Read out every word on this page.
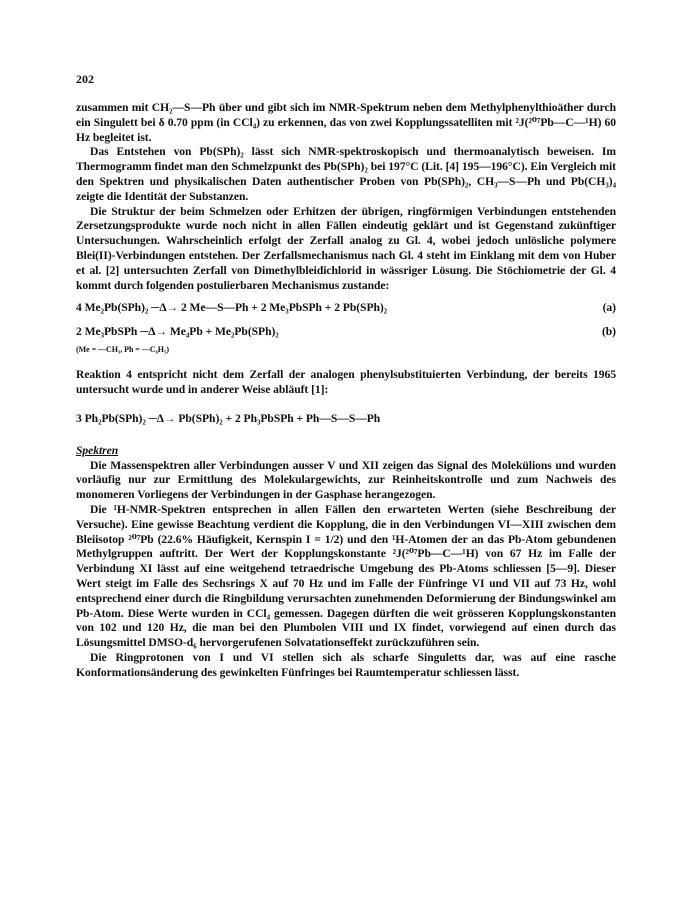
202

zusammen mit CH₂—S—Ph über und gibt sich im NMR-Spektrum neben dem Methylphenylthioäther durch ein Singulett bei δ 0.70 ppm (in CCl₄) zu erkennen, das von zwei Kopplungssatelliten mit ²J(²⁰⁷Pb—C—¹H) 60 Hz begleitet ist.

Das Entstehen von Pb(SPh)₂ lässt sich NMR-spektroskopisch und thermoanalytisch beweisen. Im Thermogramm findet man den Schmelzpunkt des Pb(SPh)₂ bei 197°C (Lit. [4] 195—196°C). Ein Vergleich mit den Spektren und physikalischen Daten authentischer Proben von Pb(SPh)₂, CH₃—S—Ph und Pb(CH₃)₄ zeigte die Identität der Substanzen.

Die Struktur der beim Schmelzen oder Erhitzen der übrigen, ringförmigen Verbindungen entstehenden Zersetzungsprodukte wurde noch nicht in allen Fällen eindeutig geklärt und ist Gegenstand zukünftiger Untersuchungen. Wahrscheinlich erfolgt der Zerfall analog zu Gl. 4, wobei jedoch unlösliche polymere Blei(II)-Verbindungen entstehen. Der Zerfallsmechanismus nach Gl. 4 steht im Einklang mit dem von Huber et al. [2] untersuchten Zerfall von Dimethylbleidichlorid in wässriger Lösung. Die Stöchiometrie der Gl. 4 kommt durch folgenden postulierbaren Mechanismus zustande:

4 Me₂Pb(SPh)₂ ─Δ→ 2 Me—S—Ph + 2 Me₃PbSPh + 2 Pb(SPh)₂	(a)
2 Me₃PbSPh ─Δ→ Me₄Pb + Me₂Pb(SPh)₂	(b)
(Me = —CH₃, Ph = —C₆H₅)

Reaktion 4 entspricht nicht dem Zerfall der analogen phenylsubstituierten Verbindung, der bereits 1965 untersucht wurde und in anderer Weise abläuft [1]:

3 Ph₂Pb(SPh)₂ ─Δ→ Pb(SPh)₂ + 2 Ph₃PbSPh + Ph—S—S—Ph
Spektren

Die Massenspektren aller Verbindungen ausser V und XII zeigen das Signal des Molekülions und wurden vorläufig nur zur Ermittlung des Molekulargewichts, zur Reinheitskontrolle und zum Nachweis des monomeren Vorliegens der Verbindungen in der Gasphase herangezogen.

Die ¹H-NMR-Spektren entsprechen in allen Fällen den erwarteten Werten (siehe Beschreibung der Versuche). Eine gewisse Beachtung verdient die Kopplung, die in den Verbindungen VI—XIII zwischen dem Bleiisotop ²⁰⁷Pb (22.6% Häufigkeit, Kernspin I = 1/2) und den ¹H-Atomen der an das Pb-Atom gebundenen Methylgruppen auftritt. Der Wert der Kopplungskonstante ²J(²⁰⁷Pb—C—¹H) von 67 Hz im Falle der Verbindung XI lässt auf eine weitgehend tetraedrische Umgebung des Pb-Atoms schliessen [5—9]. Dieser Wert steigt im Falle des Sechsrings X auf 70 Hz und im Falle der Fünfringe VI und VII auf 73 Hz, wohl entsprechend einer durch die Ringbildung verursachten zunehmenden Deformierung der Bindungswinkel am Pb-Atom. Diese Werte wurden in CCl₄ gemessen. Dagegen dürften die weit grösseren Kopplungskonstanten von 102 und 120 Hz, die man bei den Plumbolen VIII und IX findet, vorwiegend auf einen durch das Lösungsmittel DMSO-d₆ hervorgerufenen Solvatationseffekt zurückzuführen sein.

Die Ringprotonen von I und VI stellen sich als scharfe Singuletts dar, was auf eine rasche Konformationsänderung des gewinkelten Fünfringes bei Raumtemperatur schliessen lässt.
